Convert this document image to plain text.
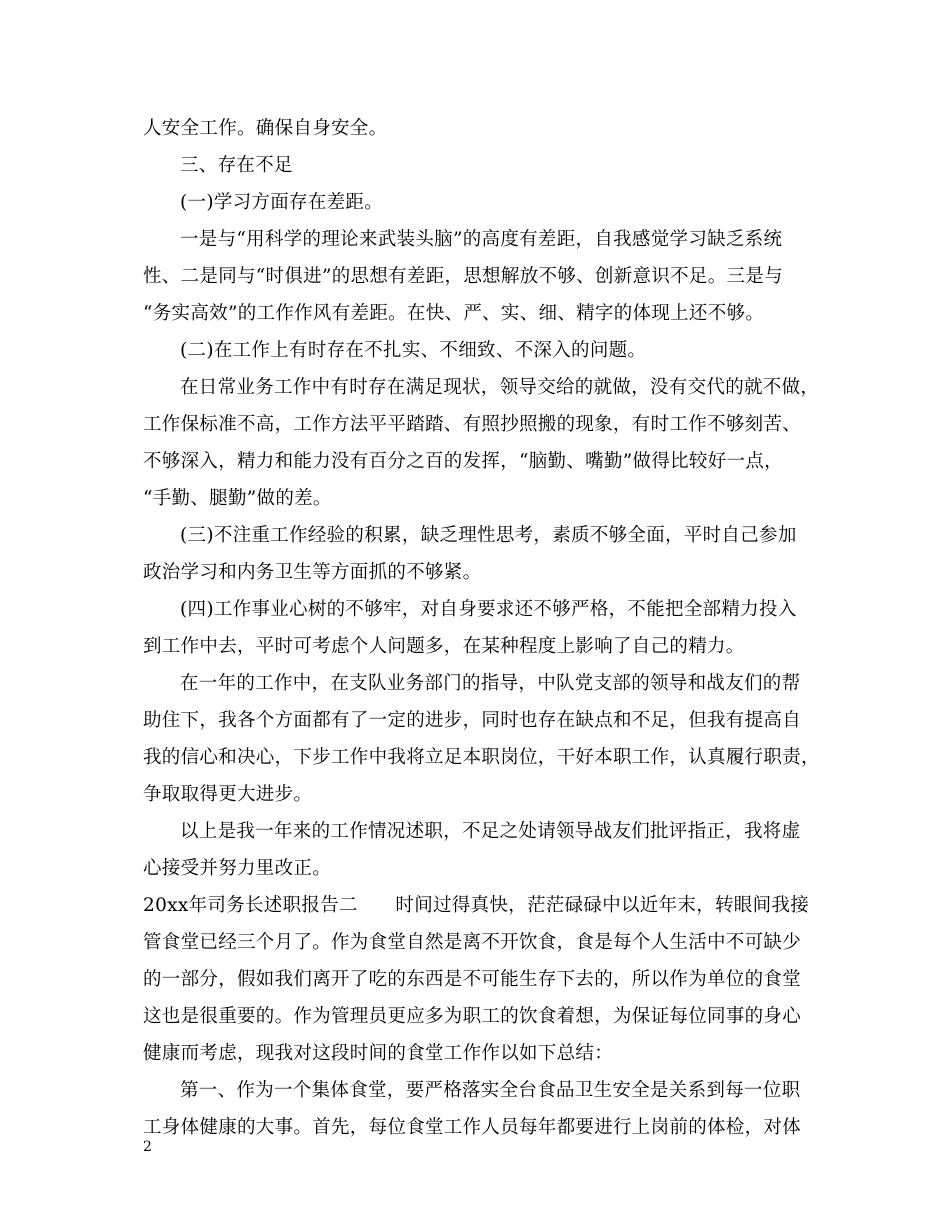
人安全工作。确保自身安全。
三、存在不足
(一)学习方面存在差距。
一是与“用科学的理论来武装头脑”的高度有差距，自我感觉学习缺乏系统
性、二是同与“时俱进”的思想有差距，思想解放不够、创新意识不足。三是与
“务实高效”的工作作风有差距。在快、严、实、细、精字的体现上还不够。
(二)在工作上有时存在不扎实、不细致、不深入的问题。
在日常业务工作中有时存在满足现状，领导交给的就做，没有交代的就不做，
工作保标准不高，工作方法平平踏踏、有照抄照搬的现象，有时工作不够刻苦、
不够深入，精力和能力没有百分之百的发挥，“脑勤、嘴勤”做得比较好一点，
“手勤、腿勤”做的差。
(三)不注重工作经验的积累，缺乏理性思考，素质不够全面，平时自己参加
政治学习和内务卫生等方面抓的不够紧。
(四)工作事业心树的不够牢，对自身要求还不够严格，不能把全部精力投入
到工作中去，平时可考虑个人问题多，在某种程度上影响了自己的精力。
在一年的工作中，在支队业务部门的指导，中队党支部的领导和战友们的帮
助住下，我各个方面都有了一定的进步，同时也存在缺点和不足，但我有提高自
我的信心和决心，下步工作中我将立足本职岗位，干好本职工作，认真履行职责，
争取取得更大进步。
以上是我一年来的工作情况述职，不足之处请领导战友们批评指正，我将虚
心接受并努力里改正。
20xx年司务长述职报告二　　时间过得真快，茫茫碌碌中以近年末，转眼间我接
管食堂已经三个月了。作为食堂自然是离不开饮食，食是每个人生活中不可缺少
的一部分，假如我们离开了吃的东西是不可能生存下去的，所以作为单位的食堂
这也是很重要的。作为管理员更应多为职工的饮食着想，为保证每位同事的身心
健康而考虑，现我对这段时间的食堂工作作以如下总结：
第一、作为一个集体食堂，要严格落实全台食品卫生安全是关系到每一位职
工身体健康的大事。首先，每位食堂工作人员每年都要进行上岗前的体检，对体
2
